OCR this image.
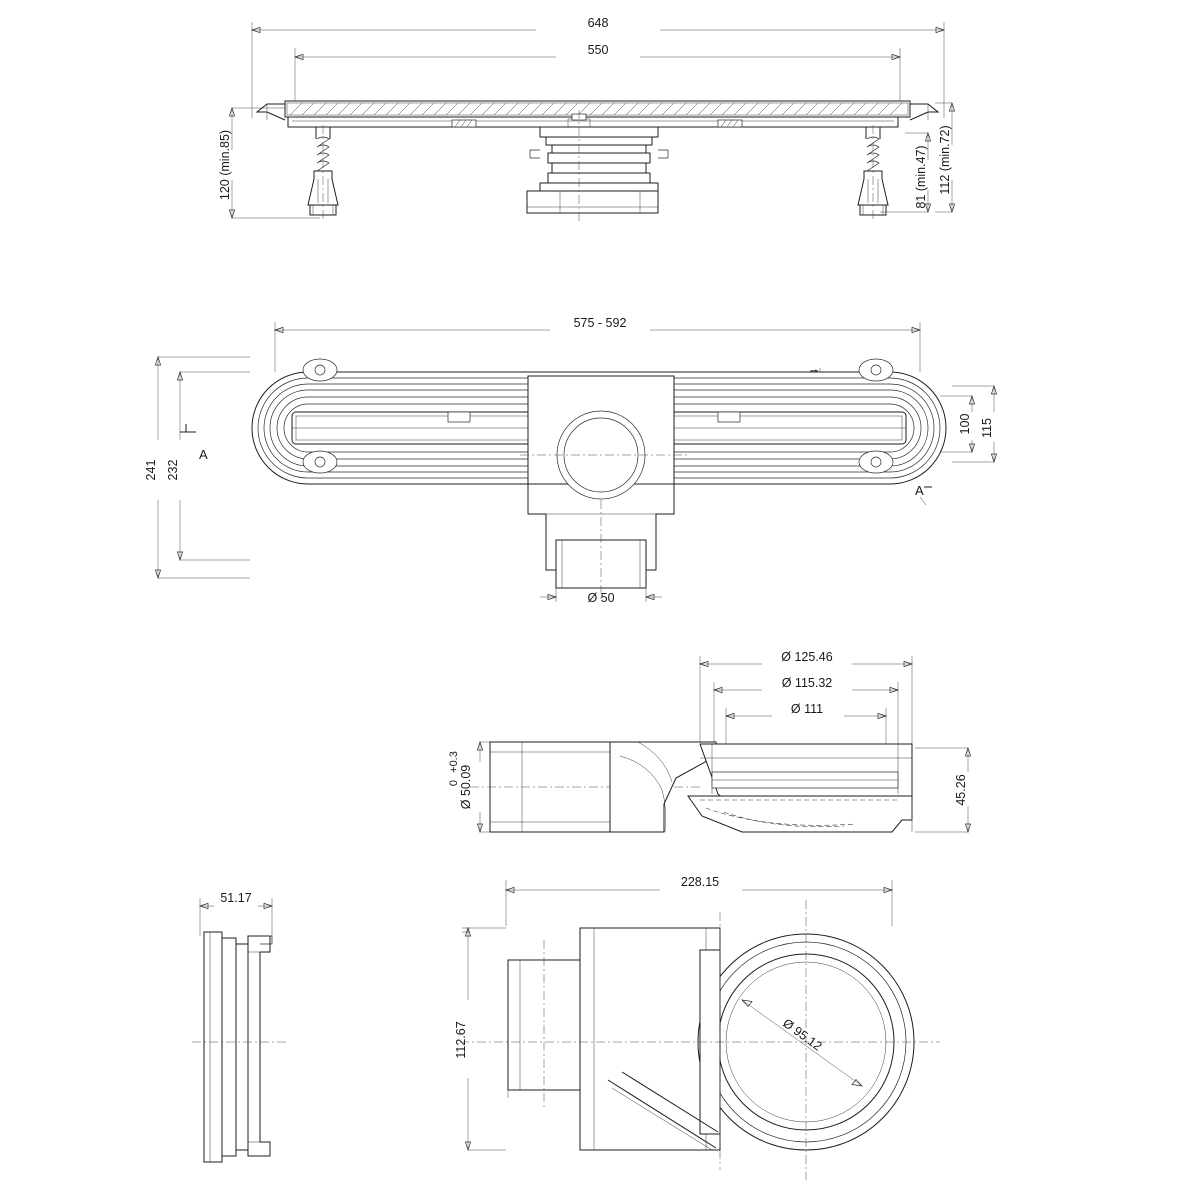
648
550
120 (min.85)	81 (min.47) 112 (min.72)
575 - 592
241 232
100 115
A
A
Ø 50
Ø 125.46
Ø 115.32
Ø 111
45.26
Ø 50.09
+0.3
0
51.17
228.15
112.67	Ø 95.12
